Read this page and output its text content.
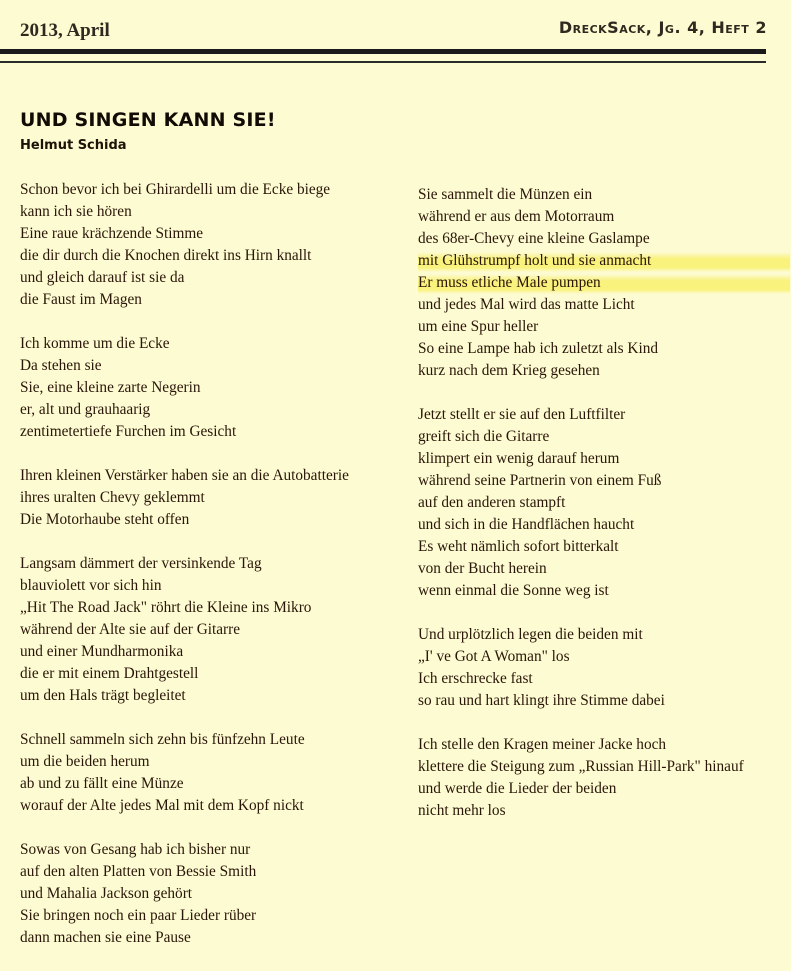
2013, April	DreckSack, Jg. 4, Heft 2
UND SINGEN KANN SIE!
Helmut Schida
Schon bevor ich bei Ghirardelli um die Ecke biege
kann ich sie hören
Eine raue krächzende Stimme
die dir durch die Knochen direkt ins Hirn knallt
und gleich darauf ist sie da
die Faust im Magen
Ich komme um die Ecke
Da stehen sie
Sie, eine kleine zarte Negerin
er, alt und grauhaarig
zentimetertiefe Furchen im Gesicht
Ihren kleinen Verstärker haben sie an die Autobatterie
ihres uralten Chevy geklemmt
Die Motorhaube steht offen
Langsam dämmert der versinkende Tag
blauviolett vor sich hin
„Hit The Road Jack" röhrt die Kleine ins Mikro
während der Alte sie auf der Gitarre
und einer Mundharmonika
die er mit einem Drahtgestell
um den Hals trägt begleitet
Schnell sammeln sich zehn bis fünfzehn Leute
um die beiden herum
ab und zu fällt eine Münze
worauf der Alte jedes Mal mit dem Kopf nickt
Sowas von Gesang hab ich bisher nur
auf den alten Platten von Bessie Smith
und Mahalia Jackson gehört
Sie bringen noch ein paar Lieder rüber
dann machen sie eine Pause
Sie sammelt die Münzen ein
während er aus dem Motorraum
des 68er-Chevy eine kleine Gaslampe
mit Glühstrumpf holt und sie anmacht
Er muss etliche Male pumpen
und jedes Mal wird das matte Licht
um eine Spur heller
So eine Lampe hab ich zuletzt als Kind
kurz nach dem Krieg gesehen
Jetzt stellt er sie auf den Luftfilter
greift sich die Gitarre
klimpert ein wenig darauf herum
während seine Partnerin von einem Fuß
auf den anderen stampft
und sich in die Handflächen haucht
Es weht nämlich sofort bitterkalt
von der Bucht herein
wenn einmal die Sonne weg ist
Und urplötzlich legen die beiden mit
„I' ve Got A Woman" los
Ich erschrecke fast
so rau und hart klingt ihre Stimme dabei
Ich stelle den Kragen meiner Jacke hoch
klettere die Steigung zum „Russian Hill-Park" hinauf
und werde die Lieder der beiden
nicht mehr los
